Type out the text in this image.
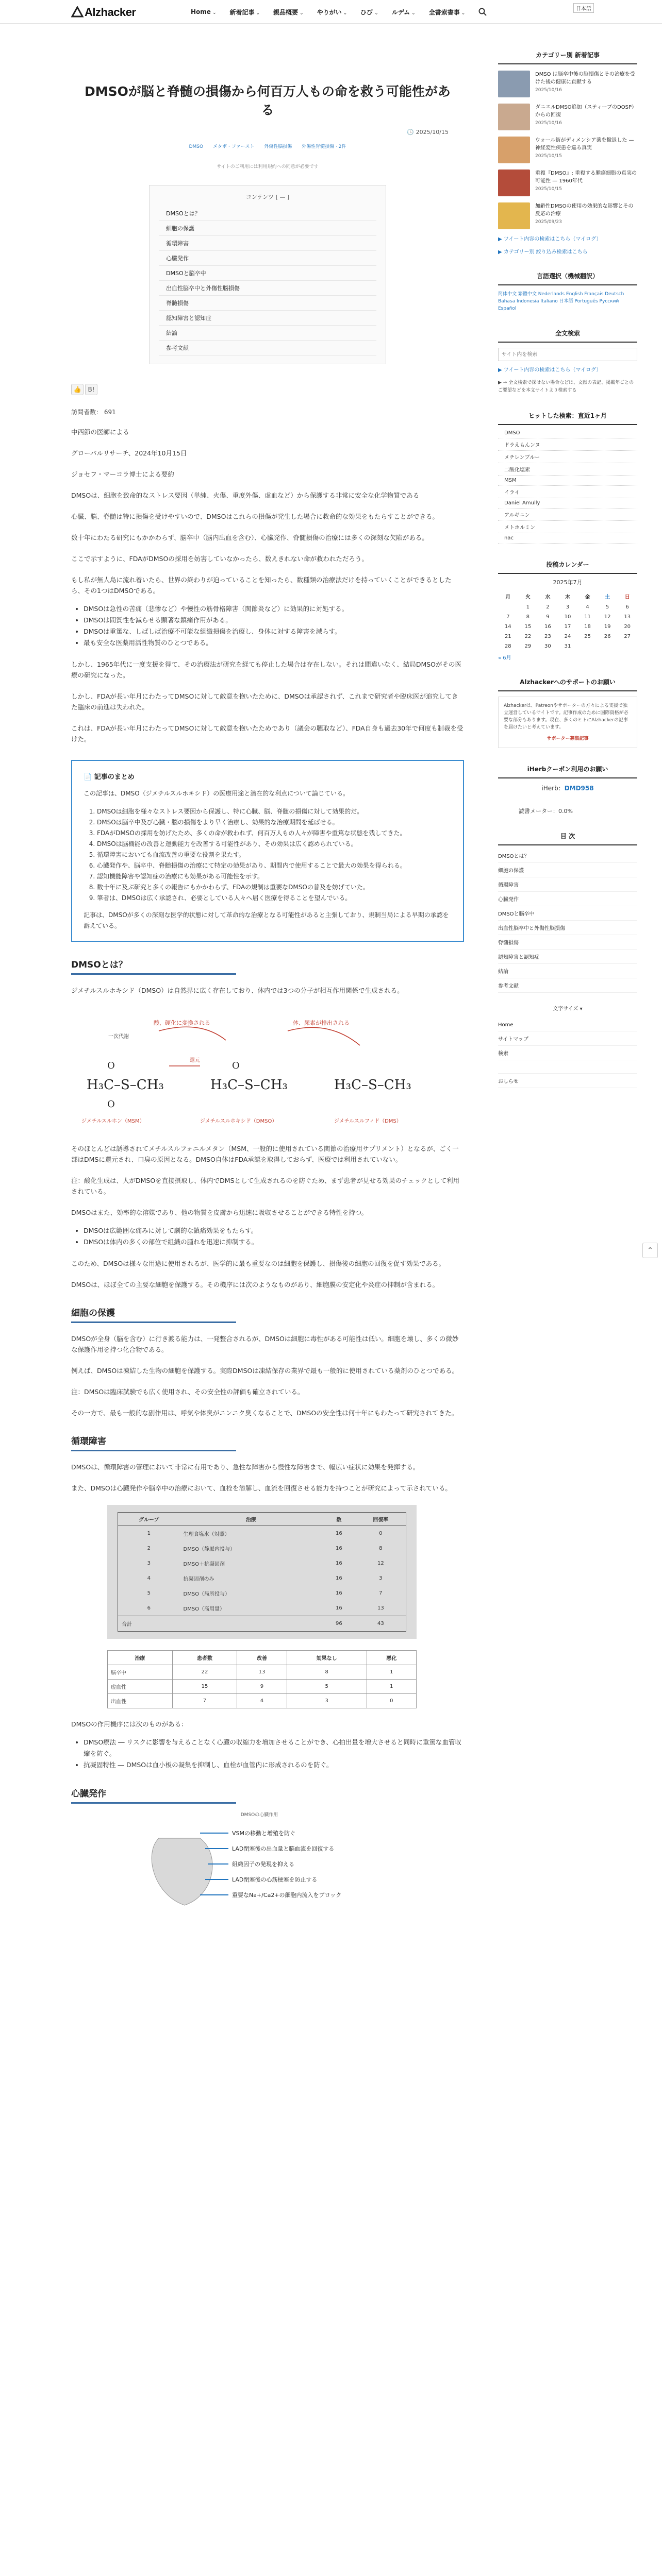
Alzhacker	Home ⌄ 新着記事 ⌄ 親品概要 ⌄ やりがい ⌄ ひび ⌄ ルデム ⌄ 全書索書事 ⌄
日本語
DMSOが脳と脊髄の損傷から何百万人もの命を救う可能性がある
🕓 2025/10/15
DMSO メタボ・ファースト 外傷性脳損傷 外傷性脊髄損傷 · 2件
サイトのご利用には利用規約への同意が必要です
コンテンツ [ — ]
DMSOとは？
細胞の保護
循環障害
心臓発作
DMSOと脳卒中
出血性脳卒中と外傷性脳損傷
脊髄損傷
認知障害と認知症
結論
参考文献
👍 B!
訪問者数： 691

中西節の医師による

グローバルリサーチ、2024年10月15日

ジョセフ・マーコラ博士による要約

DMSOは、細胞を致命的なストレス要因（単純、火傷、重度外傷、虚血など）から保護する非常に安全な化学物質である

心臓、脳、脊髄は特に損傷を受けやすいので、DMSOはこれらの損傷が発生した場合に救命的な効果をもたらすことができる。

数十年にわたる研究にもかかわらず、脳卒中（脳内出血を含む）、心臓発作、脊髄損傷の治療には多くの深刻な欠陥がある。

ここで示すように、FDAがDMSOの採用を妨害していなかったら、数えきれない命が救われただろう。

もし私が無人島に流れ着いたら、世界の終わりが迫っていることを知ったら、数種類の治療法だけを持っていくことができるとしたら、その1つはDMSOである。

• DMSOは急性の苦痛（悲惨など）や慢性の筋骨格障害（関節炎など）に効果的に対処する。
• DMSOは間質性を減らせる顕著な鎮痛作用がある。
• DMSOは重篤な、しばしば治療不可能な組織損傷を治療し、身体に対する障害を減らす。
• 最も安全な医薬用活性物質のひとつである。

しかし、1965年代に一度支援を得て、その治療法が研究を経ても停止した場合は存在しない。それは間違いなく、結局DMSOがその医療の研究になった。

しかし、FDAが長い年月にわたってDMSOに対して敵意を抱いたために、DMSOは承認されず、これまで研究者や臨床医が追究してきた臨床の前進は失われた。

これは、FDAが長い年月にわたってDMSOに対して敵意を抱いたためであり（議会の聴取など）、FDA自身も過去30年で何度も制裁を受けた。

📄 記事のまとめ
この記事は、DMSO（ジメチルスルホキシド）の医療用途と潜在的な利点について論じている。
1. DMSOは細胞を様々なストレス要因から保護し、特に心臓、脳、脊髄の損傷に対して効果的だ。
2. DMSOは脳卒中及び心臓・脳の損傷をより早く治療し、効果的な治療期間を延ばせる。
3. FDAがDMSOの採用を妨げたため、多くの命が救われず、何百万人もの人々が障害や重篤な状態を残してきた。
4. DMSOは脳機能の改善と運動能力を改善する可能性があり、その効果は広く認められている。
5. 循環障害においても血流改善の重要な役割を果たす。
6. 心臓発作や、脳卒中、脊髄損傷の治療にて特定の効果があり、期間内で使用することで最大の効果を得られる。
7. 認知機能障害や認知症の治療にも効果がある可能性を示す。
8. 数十年に及ぶ研究と多くの報告にもかかわらず、FDAの規制は重要なDMSOの普及を妨げていた。
9. 筆者は、DMSOは広く承認され、必要としている人々へ届く医療を得ることを望んでいる。
記事は、DMSOが多くの深刻な医学的状態に対して革命的な治療となる可能性があると主張しており、規制当局による早期の承認を訴えている。
DMSOとは？

ジメチルスルホキシド（DMSO）は自然界に広く存在しており、体内では3つの分子が相互作用関係で生成される。

一次代謝
酸、硬化に変換される	体、尿素が排出される
還元
H₃C–S–CH₃
O
O
H₃C–S–CH₃
O
H₃C–S–CH₃
ジメチルスルホン（MSM）	ジメチルスルホキシド（DMSO）	ジメチルスルフィド（DMS）

そのほとんどは誘導されてメチルスルフォニルメタン（MSM、一般的に使用されている関節の治療用サプリメント）となるが、ごく一部はDMSに還元され、口臭の原因となる。DMSO自体はFDA承認を取得しておらず、医療では利用されていない。

注：酸化生成は、人がDMSOを直接摂取し、体内でDMSとして生成されるのを防ぐため、まず患者が見せる効果のチェックとして利用されている。

DMSOはまた、効率的な溶媒であり、他の物質を皮膚から迅速に吸収させることができる特性を持つ。

• DMSOは広範囲な痛みに対して劇的な鎮痛効果をもたらす。
• DMSOは体内の多くの部位で組織の腫れを迅速に抑制する。

このため、DMSOは様々な用途に使用されるが、医学的に最も重要なのは細胞を保護し、損傷後の細胞の回復を促す効果である。

DMSOは、ほぼ全ての主要な細胞を保護する。その機序には次のようなものがあり、細胞膜の安定化や炎症の抑制が含まれる。

細胞の保護

DMSOが全身（脳を含む）に行き渡る能力は、一発整合されるが、DMSOは細胞に毒性がある可能性は低い。細胞を壊し、多くの微妙な保護作用を持つ化合物である。

例えば、DMSOは凍結した生物の細胞を保護する。実際DMSOは凍結保存の業界で最も一般的に使用されている薬剤のひとつである。

注：DMSOは臨床試験でも広く使用され、その安全性の評価も確立されている。

その一方で、最も一般的な副作用は、呼気や体臭がニンニク臭くなることで、DMSOの安全性は何十年にもわたって研究されてきた。

循環障害

DMSOは、循環障害の管理において非常に有用であり、急性な障害から慢性な障害まで、幅広い症状に効果を発揮する。

また、DMSOは心臓発作や脳卒中の治療において、血栓を溶解し、血流を回復させる能力を持つことが研究によって示されている。

グループ	治療	数	回復率
1	生理食塩水（対照）	16	0
2	DMSO（静脈内投与）	16	8
3	DMSO＋抗凝固剤	16	12
4	抗凝固剤のみ	16	3
5	DMSO（局所投与）	16	7
6	DMSO（高用量）	16	13
合計		96	43
治療	患者数	改善	効果なし	悪化
脳卒中	22	13	8	1
虚血性	15	9	5	1
出血性	7	4	3	0

DMSOの作用機序には次のものがある：

• DMSO療法 ― リスクに影響を与えることなく心臓の収縮力を増加させることができ、心拍出量を増大させると同時に重篤な血管収縮を防ぐ。
• 抗凝固特性 ― DMSOは血小板の凝集を抑制し、血栓が血管内に形成されるのを防ぐ。
心臓発作
DMSOの心臓作用
VSMの移動と増殖を防ぐ
LAD閉塞後の出血量と脳血流を回復する
組織因子の発現を抑える
LAD閉塞後の心筋梗塞を防止する
重要なNa+/Ca2+の細胞内流入をブロック
カテゴリー別 新着記事
DMSO は脳卒中後の脳損傷とその治療を受けた後の健康に貢献する
2025/10/16
ダニエルDMSO追加（スティーブのDOSP）からの回復
2025/10/16
ウォール街がディメンシア薬を撤退した — 神経変性疾患を巡る真実
2025/10/15
重複『DMSO』: 重複する腫瘍細胞の真実の可能性 — 1960年代
2025/10/15
加齢性DMSOの使用の効果的な影響とその反応の治療
2025/09/23
▶ ツイート内容の検索はこちら（マイログ）
▶ カテゴリー別 絞り込み検索はこちら
言語選択（機械翻訳）
简体中文 繁體中文 Nederlands English Français Deutsch Bahasa Indonesia Italiano 日本語 Português Русский Español
全文検索
サイト内を検索
▶ ツイート内容の検索はこちら（マイログ）
▶ ⇒ 全文検索で探せない場合などは、文献の表記、掲載年ごとのご要望などを本文サイトより検索する
ヒットした検索：直近1ヶ月
DMSO
ドラえもんンヌ
メチレンブルー
二酸化塩素
MSM
イライ
Daniel Amully
アルギニン
メトホルミン
nac
投稿カレンダー
2025年7月
月	火	水	木	金	土	日
	1	2	3	4	5	6
7	8	9	10	11	12	13
14	15	16	17	18	19	20
21	22	23	24	25	26	27
28	29	30	31			
« 6月
Alzhackerへのサポートのお願い
Alzhackerは、Patreonやサポーターの方々による支援で独立運営しているサイトです。記事作成のために国際資格が必要な部分もあります。現在、多くのヒトにAlzhackerの記事を届けたいと考えています。
サポーター募集記事
iHerbクーポン利用のお願い
iHerb：DMD958
読書メーター：0.0%
目 次
DMSOとは？
細胞の保護
循環障害
心臓発作
DMSOと脳卒中
出血性脳卒中と外傷性脳損傷
脊髄損傷
認知障害と認知症
結論
参考文献
文字サイズ ▾
Home
サイトマップ
検索
おしらせ
⌃
